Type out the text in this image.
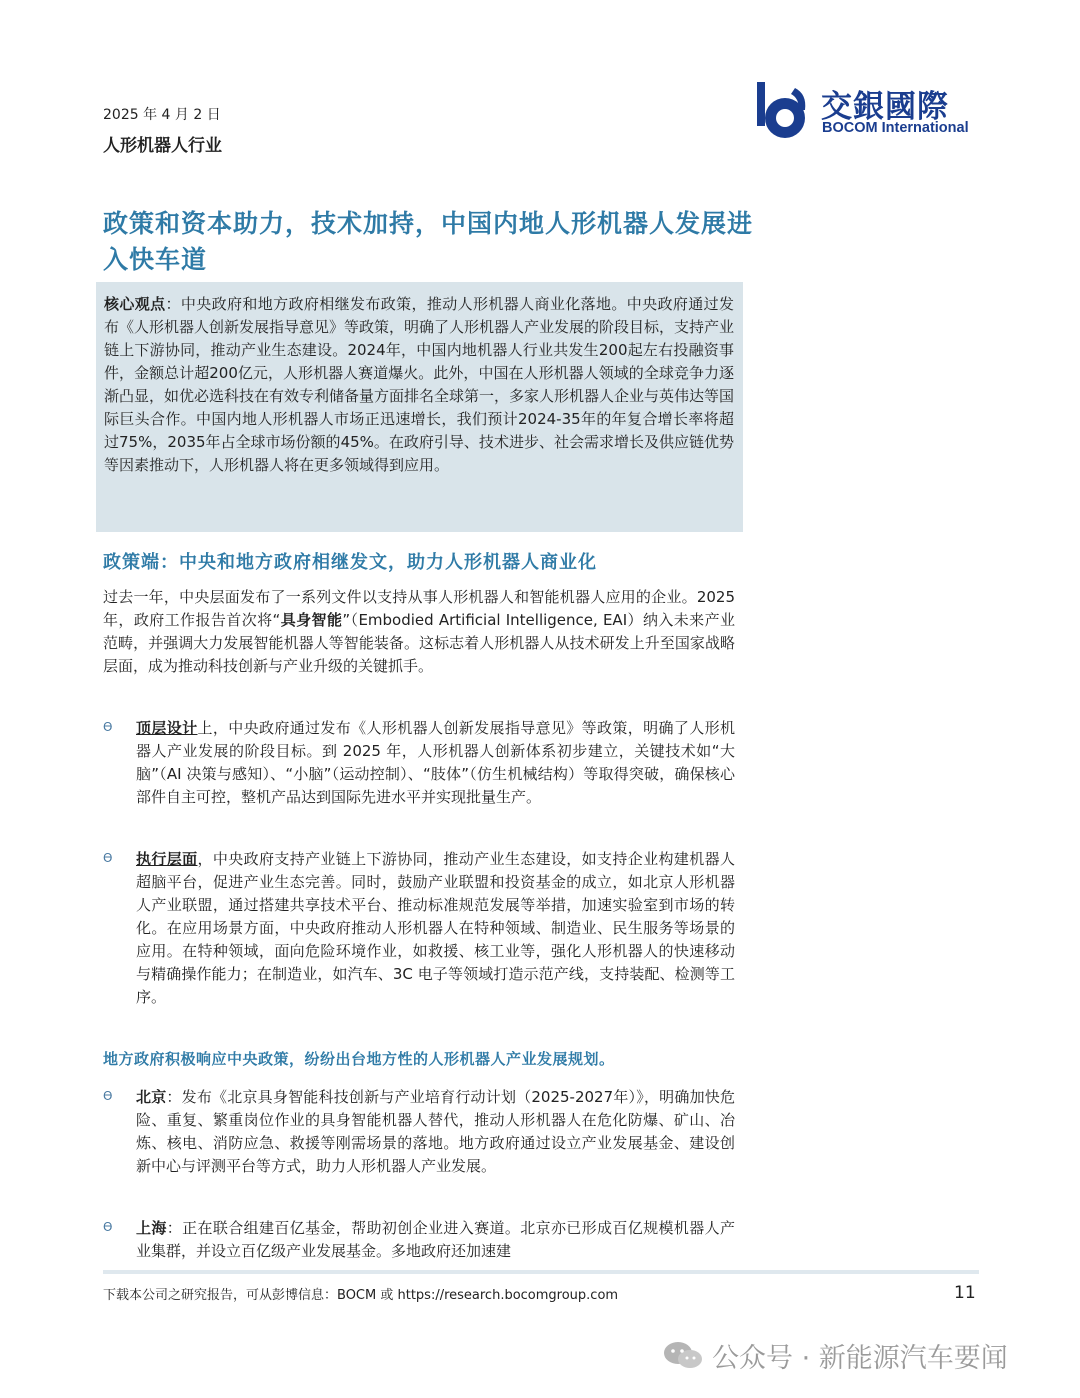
2025 年 4 月 2 日
人形机器人行业
交銀國際
BOCOM International
政策和资本助力，技术加持，中国内地人形机器人发展进入快车道
核心观点：中央政府和地方政府相继发布政策，推动人形机器人商业化落地。中央政府通过发布《人形机器人创新发展指导意见》等政策，明确了人形机器人产业发展的阶段目标，支持产业链上下游协同，推动产业生态建设。2024年，中国内地机器人行业共发生200起左右投融资事件，金额总计超200亿元，人形机器人赛道爆火。此外，中国在人形机器人领域的全球竞争力逐渐凸显，如优必选科技在有效专利储备量方面排名全球第一，多家人形机器人企业与英伟达等国际巨头合作。中国内地人形机器人市场正迅速增长，我们预计2024-35年的年复合增长率将超过75%，2035年占全球市场份额的45%。在政府引导、技术进步、社会需求增长及供应链优势等因素推动下，人形机器人将在更多领域得到应用。
政策端：中央和地方政府相继发文，助力人形机器人商业化
过去一年，中央层面发布了一系列文件以支持从事人形机器人和智能机器人应用的企业。2025 年，政府工作报告首次将“具身智能”（Embodied Artificial Intelligence, EAI）纳入未来产业范畴，并强调大力发展智能机器人等智能装备。这标志着人形机器人从技术研发上升至国家战略层面，成为推动科技创新与产业升级的关键抓手。
ϴ	顶层设计上，中央政府通过发布《人形机器人创新发展指导意见》等政策，明确了人形机器人产业发展的阶段目标。到 2025 年，人形机器人创新体系初步建立，关键技术如“大脑”（AI 决策与感知）、“小脑”（运动控制）、“肢体”（仿生机械结构）等取得突破，确保核心部件自主可控，整机产品达到国际先进水平并实现批量生产。
ϴ	执行层面，中央政府支持产业链上下游协同，推动产业生态建设，如支持企业构建机器人超脑平台，促进产业生态完善。同时，鼓励产业联盟和投资基金的成立，如北京人形机器人产业联盟，通过搭建共享技术平台、推动标准规范发展等举措，加速实验室到市场的转化。在应用场景方面，中央政府推动人形机器人在特种领域、制造业、民生服务等场景的应用。在特种领域，面向危险环境作业，如救援、核工业等，强化人形机器人的快速移动与精确操作能力；在制造业，如汽车、3C 电子等领域打造示范产线，支持装配、检测等工序。
地方政府积极响应中央政策，纷纷出台地方性的人形机器人产业发展规划。
ϴ	北京：发布《北京具身智能科技创新与产业培育行动计划（2025-2027年）》，明确加快危险、重复、繁重岗位作业的具身智能机器人替代，推动人形机器人在危化防爆、矿山、冶炼、核电、消防应急、救援等刚需场景的落地。地方政府通过设立产业发展基金、建设创新中心与评测平台等方式，助力人形机器人产业发展。
ϴ	上海：正在联合组建百亿基金，帮助初创企业进入赛道。北京亦已形成百亿规模机器人产业集群，并设立百亿级产业发展基金。多地政府还加速建
下载本公司之研究报告，可从彭博信息：BOCM 或 https://research.bocomgroup.com	11
公众号 · 新能源汽车要闻
